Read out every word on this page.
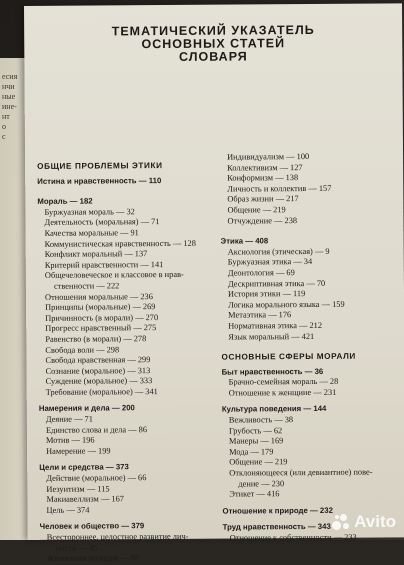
есия
нчи
ные
ине-
нт
о
с
ТЕМАТИЧЕСКИЙ УКАЗАТЕЛЬ
ОСНОВНЫХ СТАТЕЙ
СЛОВАРЯ
ОБЩИЕ ПРОБЛЕМЫ ЭТИКИ
Истина и нравственность — 110
Мораль — 182
Буржуазная мораль — 32
Деятельность (моральная) — 71
Качества моральные — 91
Коммунистическая нравственность — 128
Конфликт моральный — 137
Критерий нравственности — 141
Общечеловеческое и классовое в нрав-
ственности — 222
Отношения моральные — 236
Принципы (моральные) — 269
Причинность (в морали) — 270
Прогресс нравственный — 275
Равенство (в морали) — 278
Свобода воли — 298
Свобода нравственная — 299
Сознание (моральное) — 313
Суждение (моральное) — 333
Требование (моральное) — 341
Намерения и дела — 200
Деяние — 71
Единство слова и дела — 86
Мотив — 196
Намерение — 199
Цели и средства — 373
Действие (моральное) — 66
Иезуитизм — 115
Макиавеллизм — 167
Цель — 374
Человек и общество — 379
Всестороннее, целостное развитие лич-
ности — 45
Жизненная позиция — 88
Индивидуализм — 100
Коллективизм — 127
Конформизм — 138
Личность и коллектив — 157
Образ жизни — 217
Общение — 219
Отчуждение — 238
Этика — 408
Аксиология (этическая) — 9
Буржуазная этика — 34
Деонтология — 69
Дескриптивная этика — 70
История этики — 119
Логика морального языка — 159
Метаэтика — 176
Нормативная этика — 212
Язык моральный — 421
ОСНОВНЫЕ СФЕРЫ МОРАЛИ
Быт нравственность — 36
Брачно-семейная мораль — 28
Отношение к женщине — 231
Культура поведения — 144
Вежливость — 38
Грубость — 62
Манеры — 169
Мода — 179
Общение — 219
Отклоняющееся (или девиантное) пове-
дение — 230
Этикет — 416
Отношение к природе — 232
Труд нравственность — 343
Отношение к собственности — 233
Avito
